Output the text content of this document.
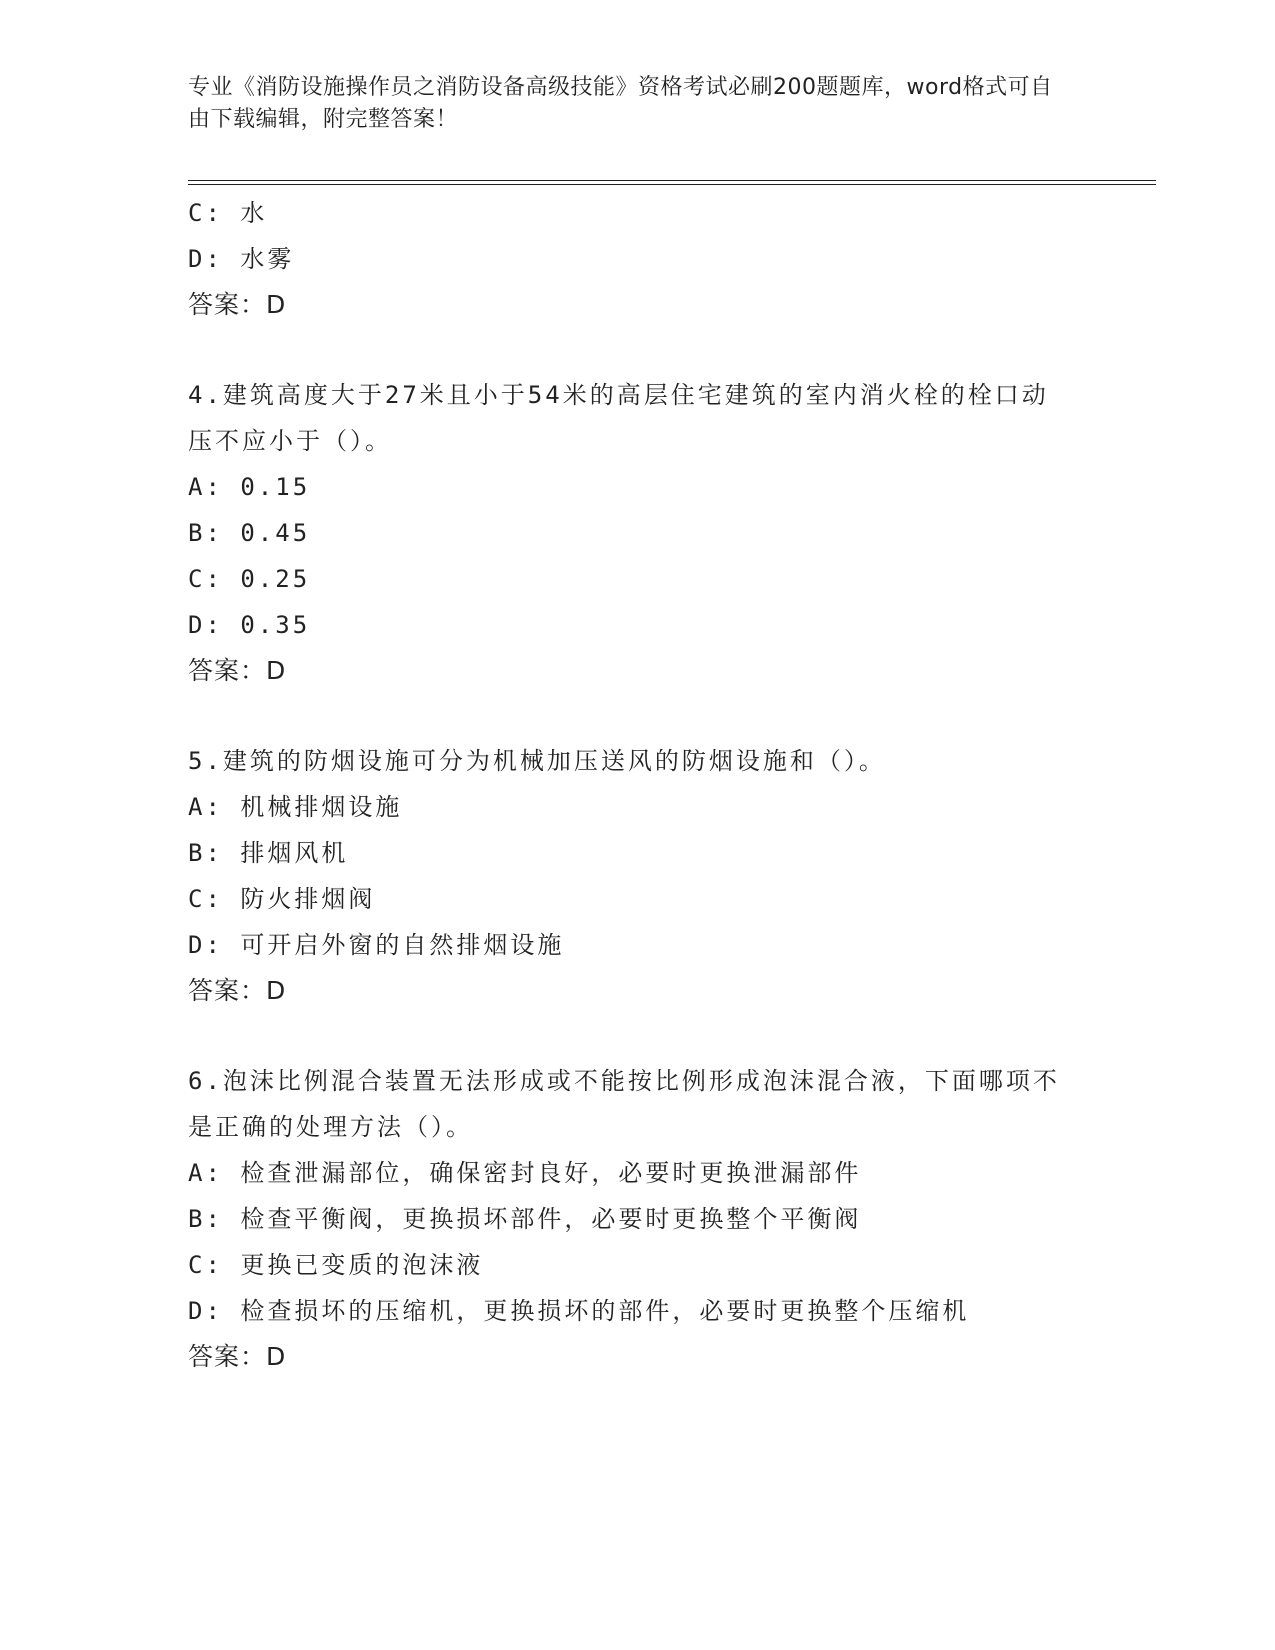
专业《消防设施操作员之消防设备高级技能》资格考试必刷200题题库，word格式可自由下载编辑，附完整答案！
C: 水
D: 水雾
答案：D
4.建筑高度大于27米且小于54米的高层住宅建筑的室内消火栓的栓口动压不应小于（）。
A: 0.15
B: 0.45
C: 0.25
D: 0.35
答案：D
5.建筑的防烟设施可分为机械加压送风的防烟设施和（）。
A: 机械排烟设施
B: 排烟风机
C: 防火排烟阀
D: 可开启外窗的自然排烟设施
答案：D
6.泡沫比例混合装置无法形成或不能按比例形成泡沫混合液，下面哪项不是正确的处理方法（）。
A: 检查泄漏部位，确保密封良好，必要时更换泄漏部件
B: 检查平衡阀，更换损坏部件，必要时更换整个平衡阀
C: 更换已变质的泡沫液
D: 检查损坏的压缩机，更换损坏的部件，必要时更换整个压缩机
答案：D
